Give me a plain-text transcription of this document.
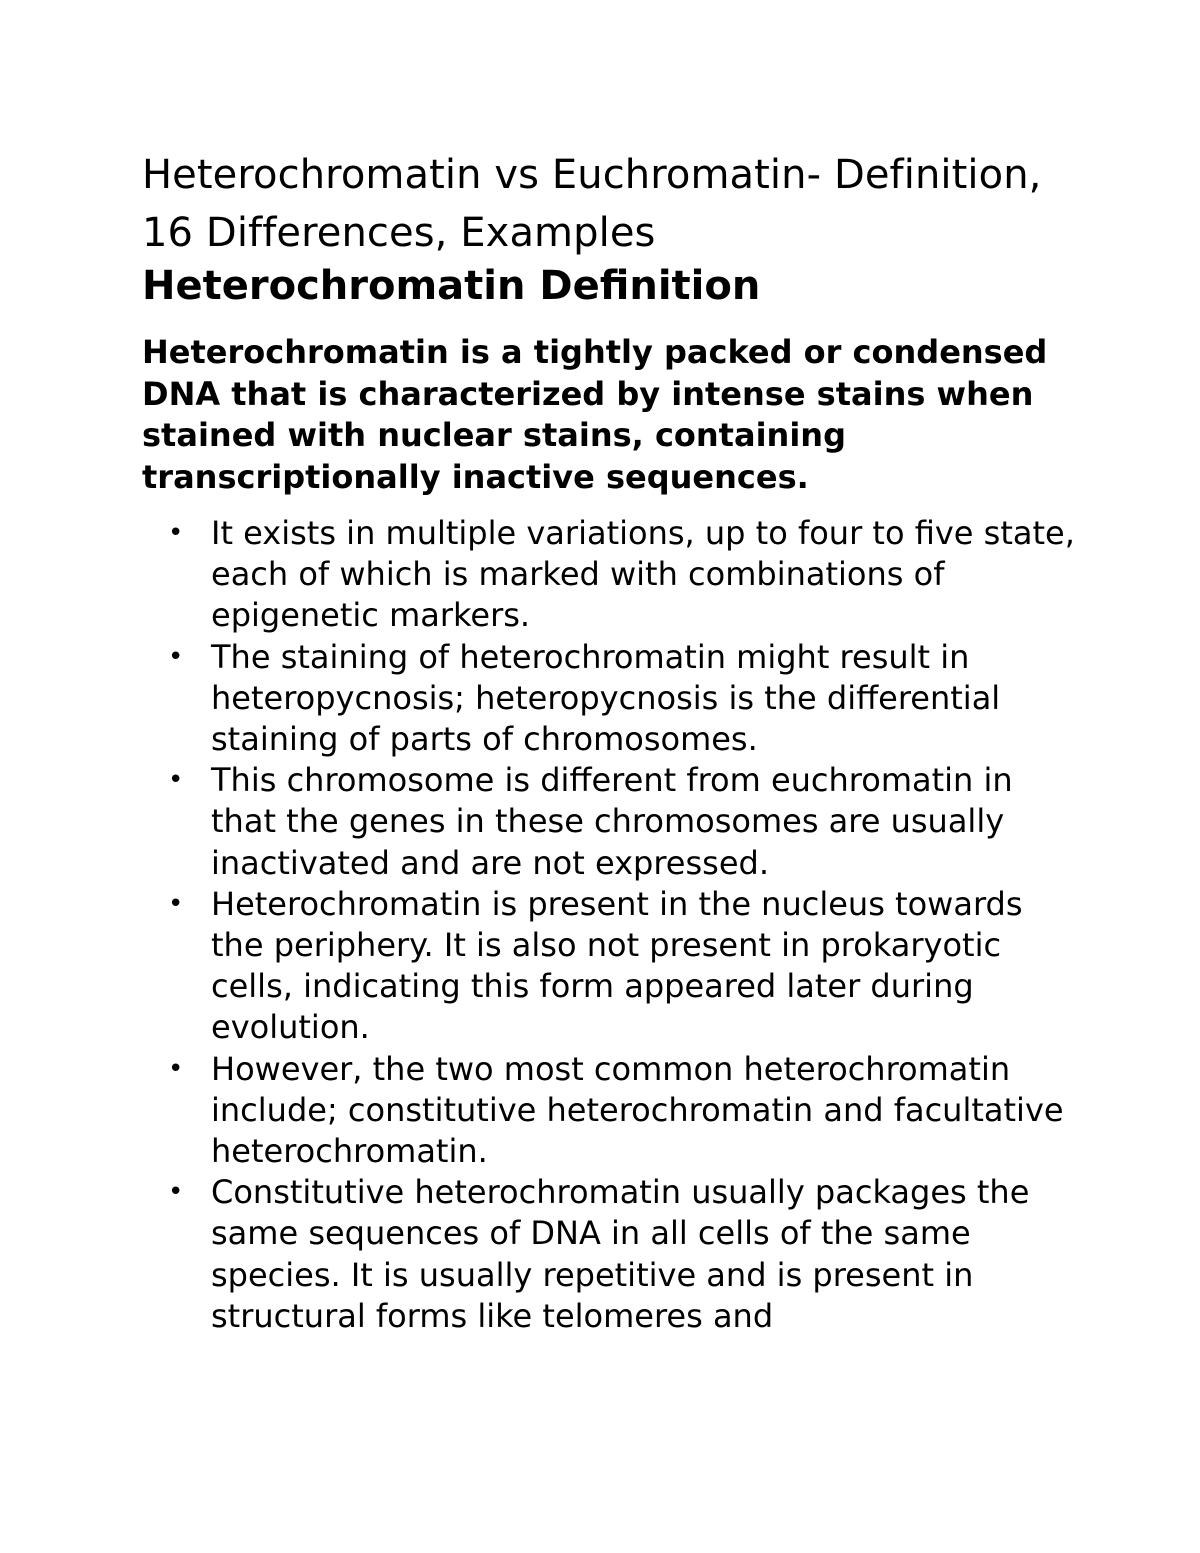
Heterochromatin vs Euchromatin- Definition, 16 Differences, Examples
Heterochromatin Definition

Heterochromatin is a tightly packed or condensed DNA that is characterized by intense stains when stained with nuclear stains, containing transcriptionally inactive sequences.

• It exists in multiple variations, up to four to five state, each of which is marked with combinations of epigenetic markers.
• The staining of heterochromatin might result in heteropycnosis; heteropycnosis is the differential staining of parts of chromosomes.
• This chromosome is different from euchromatin in that the genes in these chromosomes are usually inactivated and are not expressed.
• Heterochromatin is present in the nucleus towards the periphery. It is also not present in prokaryotic cells, indicating this form appeared later during evolution.
• However, the two most common heterochromatin include; constitutive heterochromatin and facultative heterochromatin.
• Constitutive heterochromatin usually packages the same sequences of DNA in all cells of the same species. It is usually repetitive and is present in structural forms like telomeres and
